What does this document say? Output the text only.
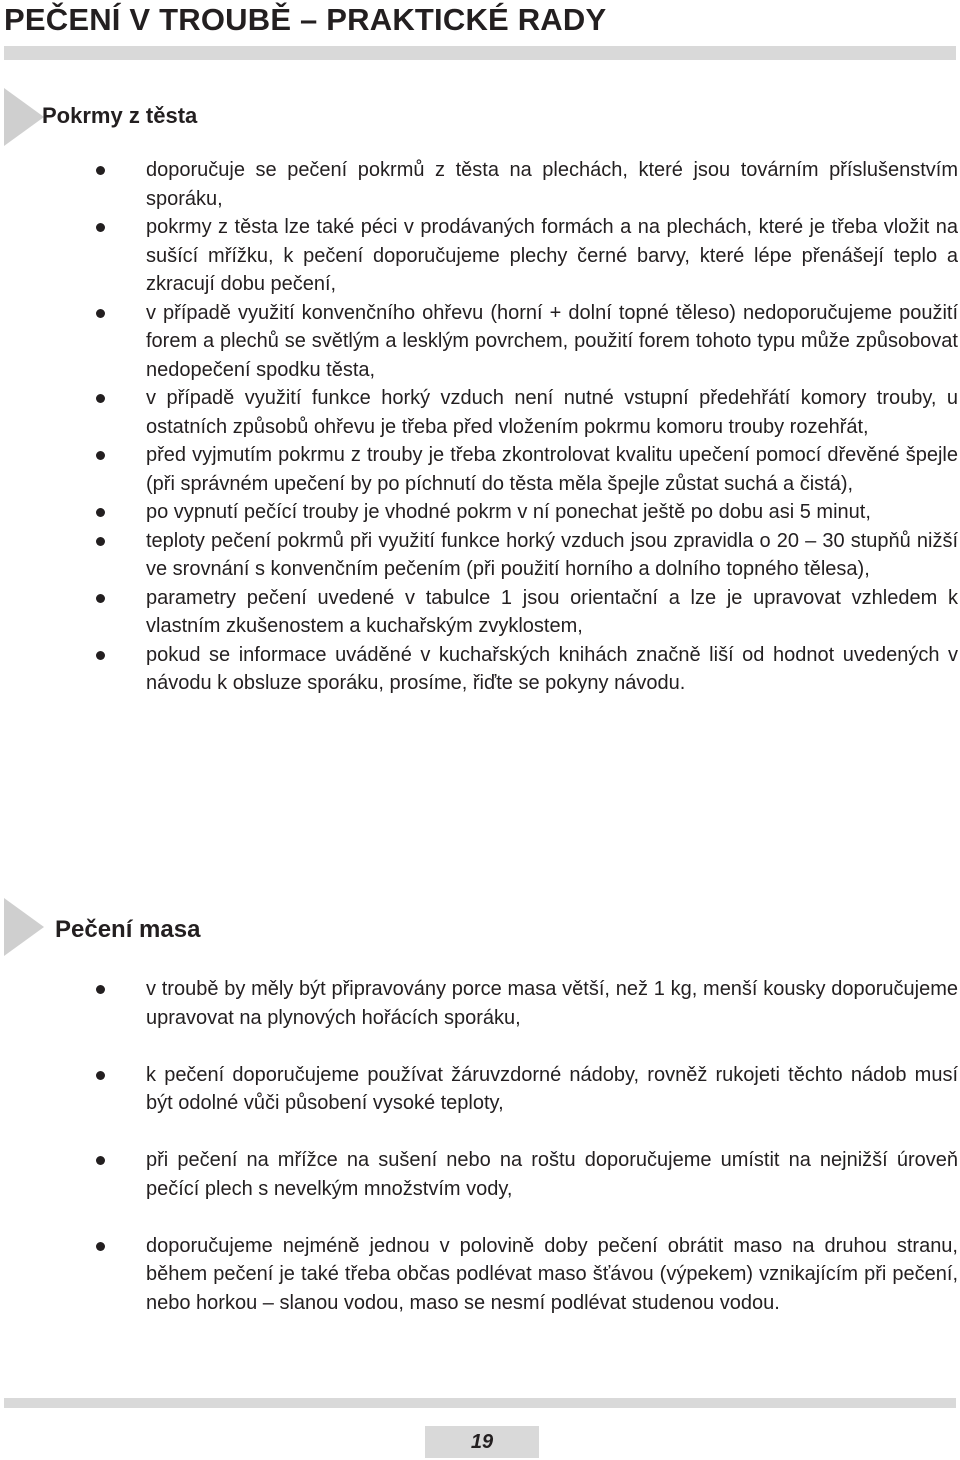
PEČENÍ V TROUBĚ – PRAKTICKÉ RADY
Pokrmy z těsta
doporučuje se pečení pokrmů z těsta na plechách, které jsou továrním příslušenstvím sporáku,
pokrmy z těsta lze také péci v prodávaných formách a na plechách, které je třeba vložit na sušící mřížku, k pečení doporučujeme plechy černé barvy, které lépe přenášejí teplo a zkracují dobu pečení,
v případě využití konvenčního ohřevu (horní + dolní topné těleso) nedoporučujeme použití forem a plechů se světlým a lesklým povrchem, použití forem tohoto typu může způsobovat nedopečení spodku těsta,
v případě využití funkce horký vzduch není nutné vstupní předehřátí komory trouby, u ostatních způsobů ohřevu je třeba před vložením pokrmu komoru trouby rozehřát,
před vyjmutím pokrmu z trouby je třeba zkontrolovat kvalitu upečení pomocí dřevěné špejle (při správném upečení by po píchnutí do těsta měla špejle zůstat suchá a čistá),
po vypnutí pečící trouby je vhodné pokrm v ní ponechat ještě po dobu asi 5 minut,
teploty pečení pokrmů při využití funkce horký vzduch jsou zpravidla o 20 – 30 stupňů nižší ve srovnání s konvenčním pečením (při použití horního a dolního topného tělesa),
parametry pečení uvedené v tabulce 1 jsou orientační a lze je upravovat vzhledem k vlastním zkušenostem a kuchařským zvyklostem,
pokud se informace uváděné v kuchařských knihách značně liší od hodnot uvedených v návodu k obsluze sporáku, prosíme, řiďte se pokyny návodu.
Pečení masa
v troubě by měly být připravovány porce masa větší, než 1 kg, menší kousky doporučujeme upravovat na plynových hořácích sporáku,
k pečení doporučujeme používat žáruvzdorné nádoby, rovněž rukojeti těchto nádob musí být odolné vůči působení vysoké teploty,
při pečení na mřížce na sušení nebo na roštu doporučujeme umístit na nejnižší úroveň pečící plech s nevelkým množstvím vody,
doporučujeme nejméně jednou v polovině doby pečení obrátit maso na druhou stranu, během pečení je také třeba občas podlévat maso šťávou (výpekem) vznikajícím při pečení, nebo horkou – slanou vodou, maso se nesmí podlévat studenou vodou.
19
